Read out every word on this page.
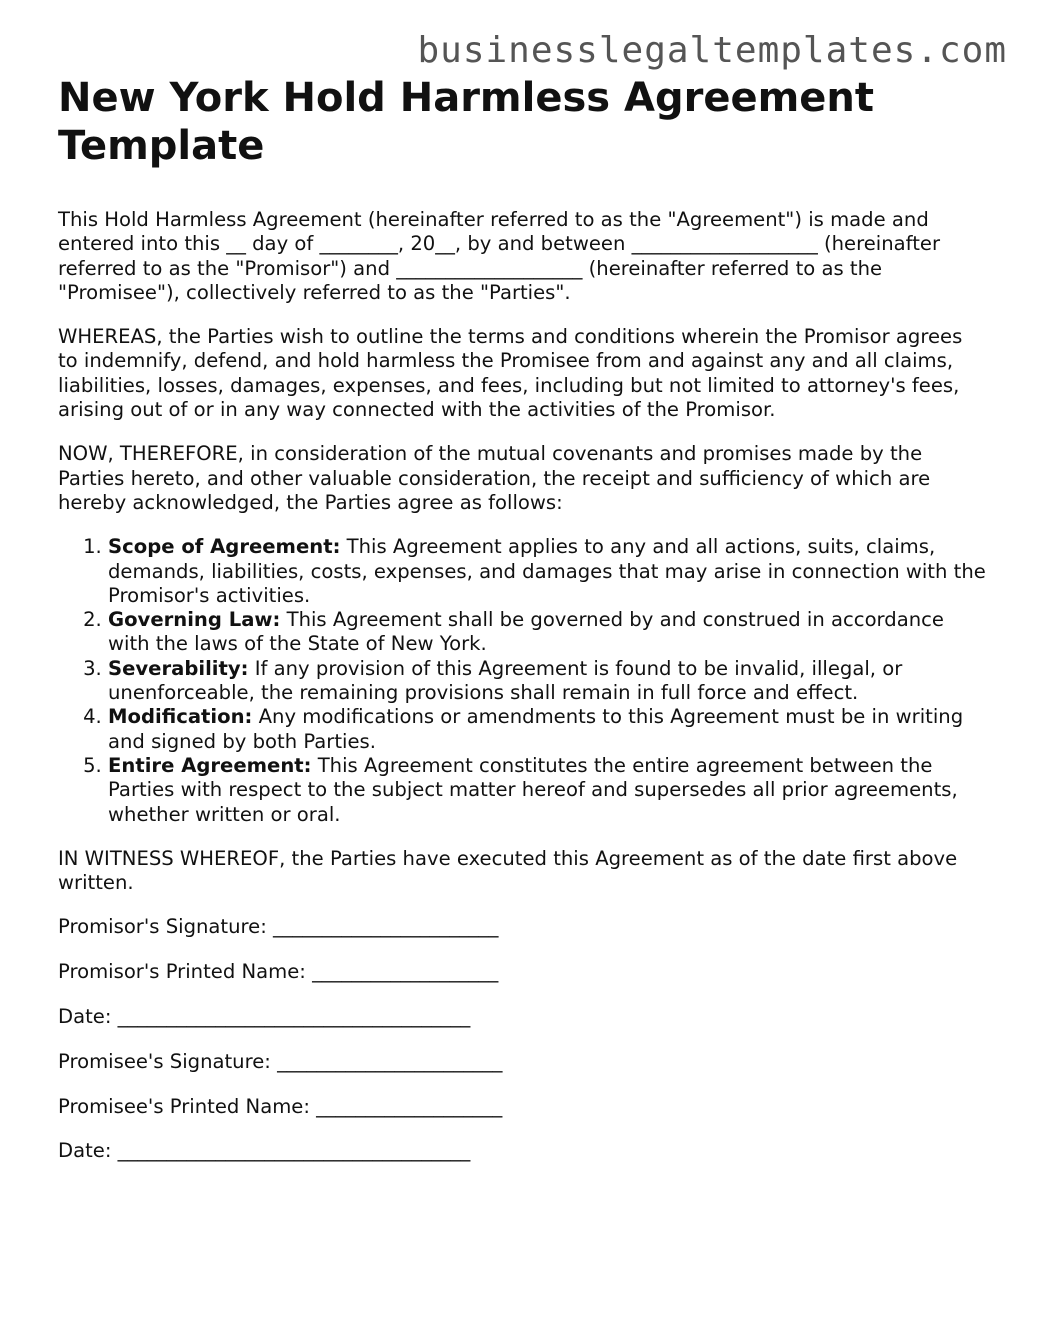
businesslegaltemplates.com
New York Hold Harmless Agreement Template

This Hold Harmless Agreement (hereinafter referred to as the "Agreement") is made and entered into this __ day of ________, 20__, by and between ___________________ (hereinafter referred to as the "Promisor") and ___________________ (hereinafter referred to as the "Promisee"), collectively referred to as the "Parties".

WHEREAS, the Parties wish to outline the terms and conditions wherein the Promisor agrees to indemnify, defend, and hold harmless the Promisee from and against any and all claims, liabilities, losses, damages, expenses, and fees, including but not limited to attorney's fees, arising out of or in any way connected with the activities of the Promisor.

NOW, THEREFORE, in consideration of the mutual covenants and promises made by the Parties hereto, and other valuable consideration, the receipt and sufficiency of which are hereby acknowledged, the Parties agree as follows:

1. Scope of Agreement: This Agreement applies to any and all actions, suits, claims, demands, liabilities, costs, expenses, and damages that may arise in connection with the Promisor's activities.
2. Governing Law: This Agreement shall be governed by and construed in accordance with the laws of the State of New York.
3. Severability: If any provision of this Agreement is found to be invalid, illegal, or unenforceable, the remaining provisions shall remain in full force and effect.
4. Modification: Any modifications or amendments to this Agreement must be in writing and signed by both Parties.
5. Entire Agreement: This Agreement constitutes the entire agreement between the Parties with respect to the subject matter hereof and supersedes all prior agreements, whether written or oral.

IN WITNESS WHEREOF, the Parties have executed this Agreement as of the date first above written.

Promisor's Signature: _______________________
Promisor's Printed Name: ___________________
Date: ____________________________________
Promisee's Signature: _______________________
Promisee's Printed Name: ___________________
Date: ____________________________________
